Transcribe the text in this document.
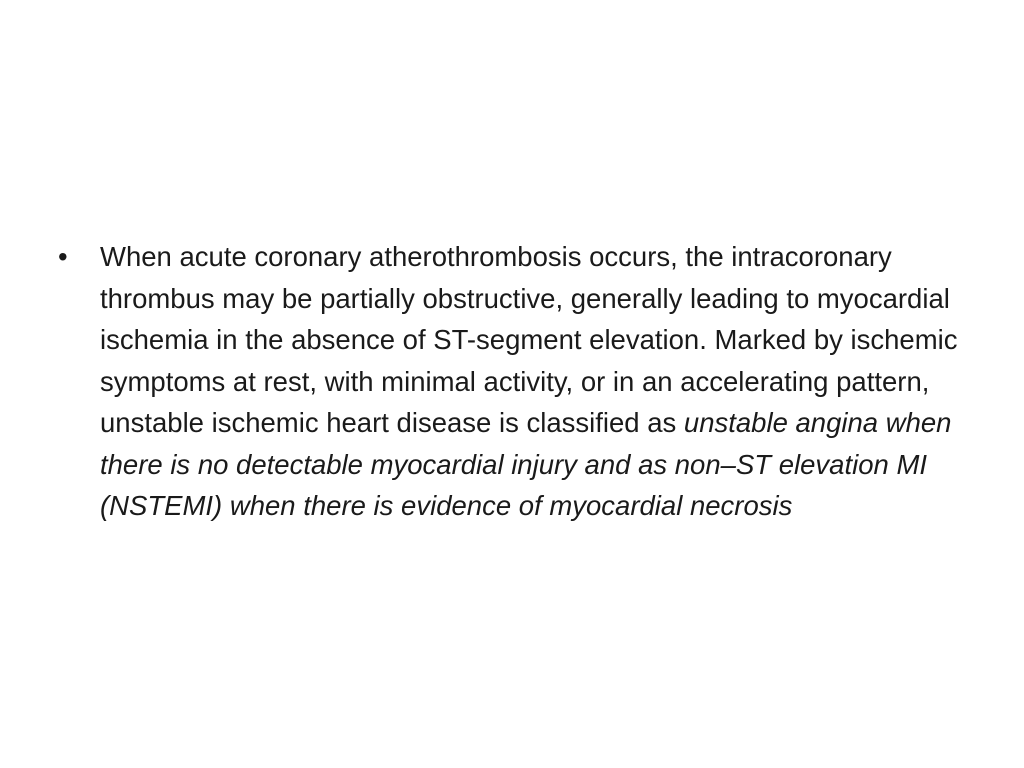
•	When acute coronary atherothrombosis occurs, the intracoronary thrombus may be partially obstructive, generally leading to myocardial ischemia in the absence of ST-segment elevation. Marked by ischemic symptoms at rest, with minimal activity, or in an accelerating pattern, unstable ischemic heart disease is classified as unstable angina when there is no detectable myocardial injury and as non–ST elevation MI (NSTEMI) when there is evidence of myocardial necrosis
